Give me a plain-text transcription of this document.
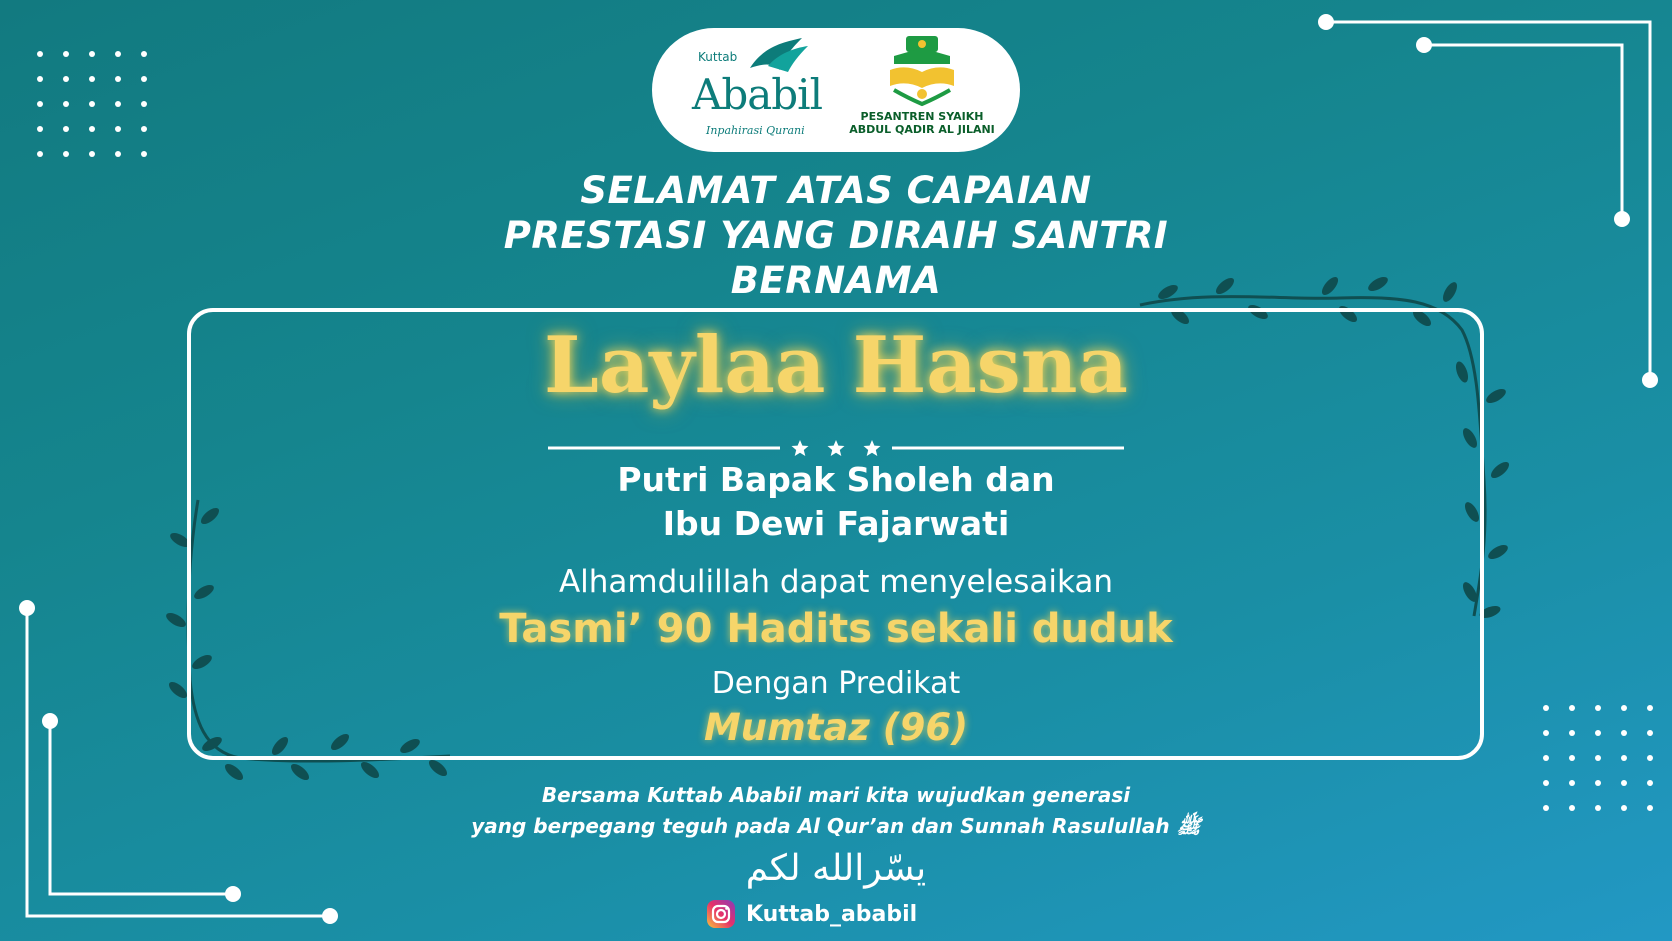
Kuttab
Ababil
Inpahirasi Qurani
PESANTREN SYAIKH
ABDUL QADIR AL JILANI
SELAMAT ATAS CAPAIAN
PRESTASI YANG DIRAIH SANTRI
BERNAMA
Laylaa Hasna
Putri Bapak Sholeh dan
Ibu Dewi Fajarwati
Alhamdulillah dapat menyelesaikan
Tasmi’ 90 Hadits sekali duduk
Dengan Predikat
Mumtaz (96)
Bersama Kuttab Ababil mari kita wujudkan generasi
yang berpegang teguh pada Al Qur’an dan Sunnah Rasulullah ﷺ
يسّرالله لكم
Kuttab_ababil
